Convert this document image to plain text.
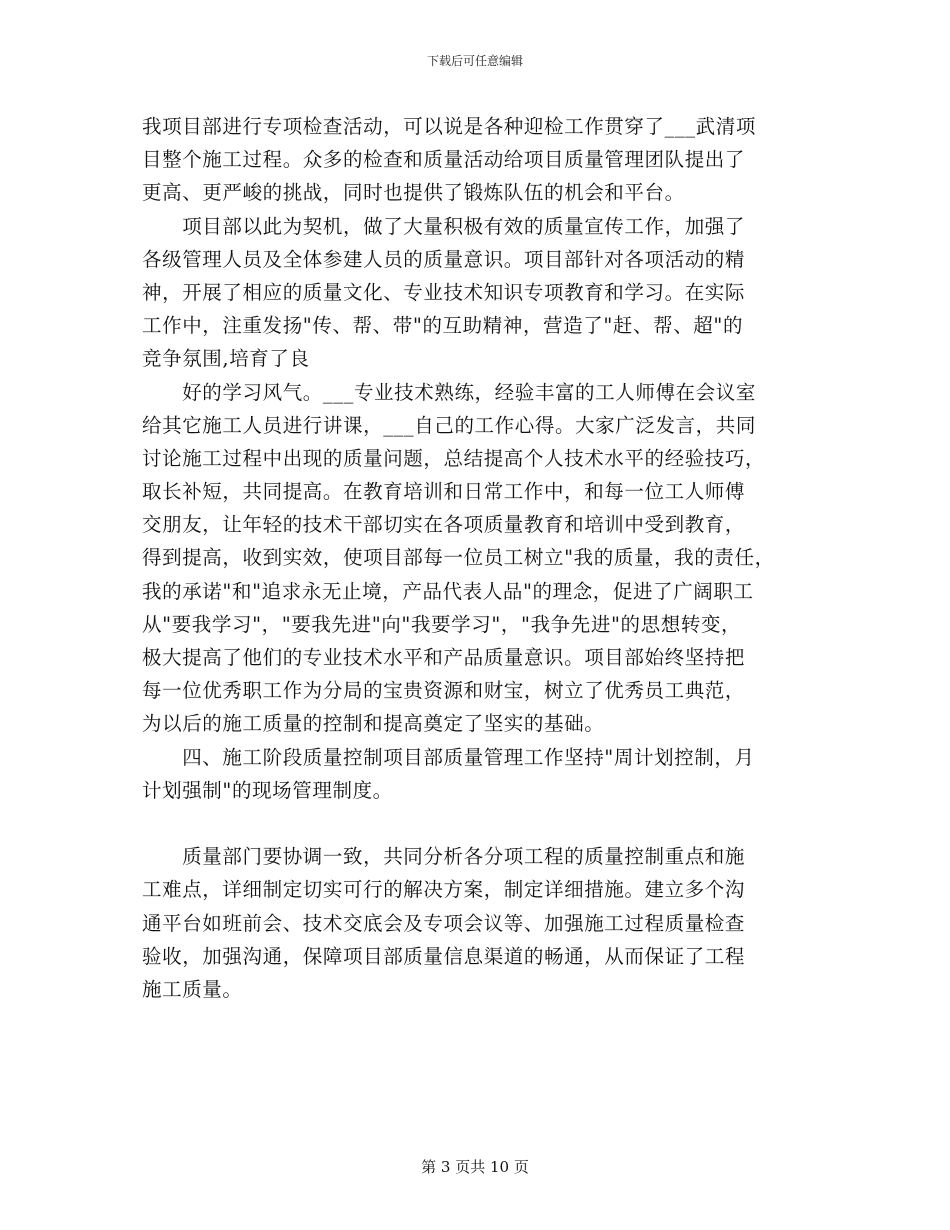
下载后可任意编辑
我项目部进行专项检查活动，可以说是各种迎检工作贯穿了___武清项
目整个施工过程。众多的检查和质量活动给项目质量管理团队提出了
更高、更严峻的挑战，同时也提供了锻炼队伍的机会和平台。
　　项目部以此为契机，做了大量积极有效的质量宣传工作，加强了
各级管理人员及全体参建人员的质量意识。项目部针对各项活动的精
神，开展了相应的质量文化、专业技术知识专项教育和学习。在实际
工作中，注重发扬"传、帮、带"的互助精神，营造了"赶、帮、超"的
竞争氛围,培育了良
　　好的学习风气。___专业技术熟练，经验丰富的工人师傅在会议室
给其它施工人员进行讲课，___自己的工作心得。大家广泛发言，共同
讨论施工过程中出现的质量问题，总结提高个人技术水平的经验技巧，
取长补短，共同提高。在教育培训和日常工作中，和每一位工人师傅
交朋友，让年轻的技术干部切实在各项质量教育和培训中受到教育，
得到提高，收到实效，使项目部每一位员工树立"我的质量，我的责任，
我的承诺"和"追求永无止境，产品代表人品"的理念，促进了广阔职工
从"要我学习"，"要我先进"向"我要学习"，"我争先进"的思想转变，
极大提高了他们的专业技术水平和产品质量意识。项目部始终坚持把
每一位优秀职工作为分局的宝贵资源和财宝，树立了优秀员工典范，
为以后的施工质量的控制和提高奠定了坚实的基础。
　　四、施工阶段质量控制项目部质量管理工作坚持"周计划控制，月
计划强制"的现场管理制度。
　　质量部门要协调一致，共同分析各分项工程的质量控制重点和施
工难点，详细制定切实可行的解决方案，制定详细措施。建立多个沟
通平台如班前会、技术交底会及专项会议等、加强施工过程质量检查
验收，加强沟通，保障项目部质量信息渠道的畅通，从而保证了工程
施工质量。
第 3 页共 10 页
